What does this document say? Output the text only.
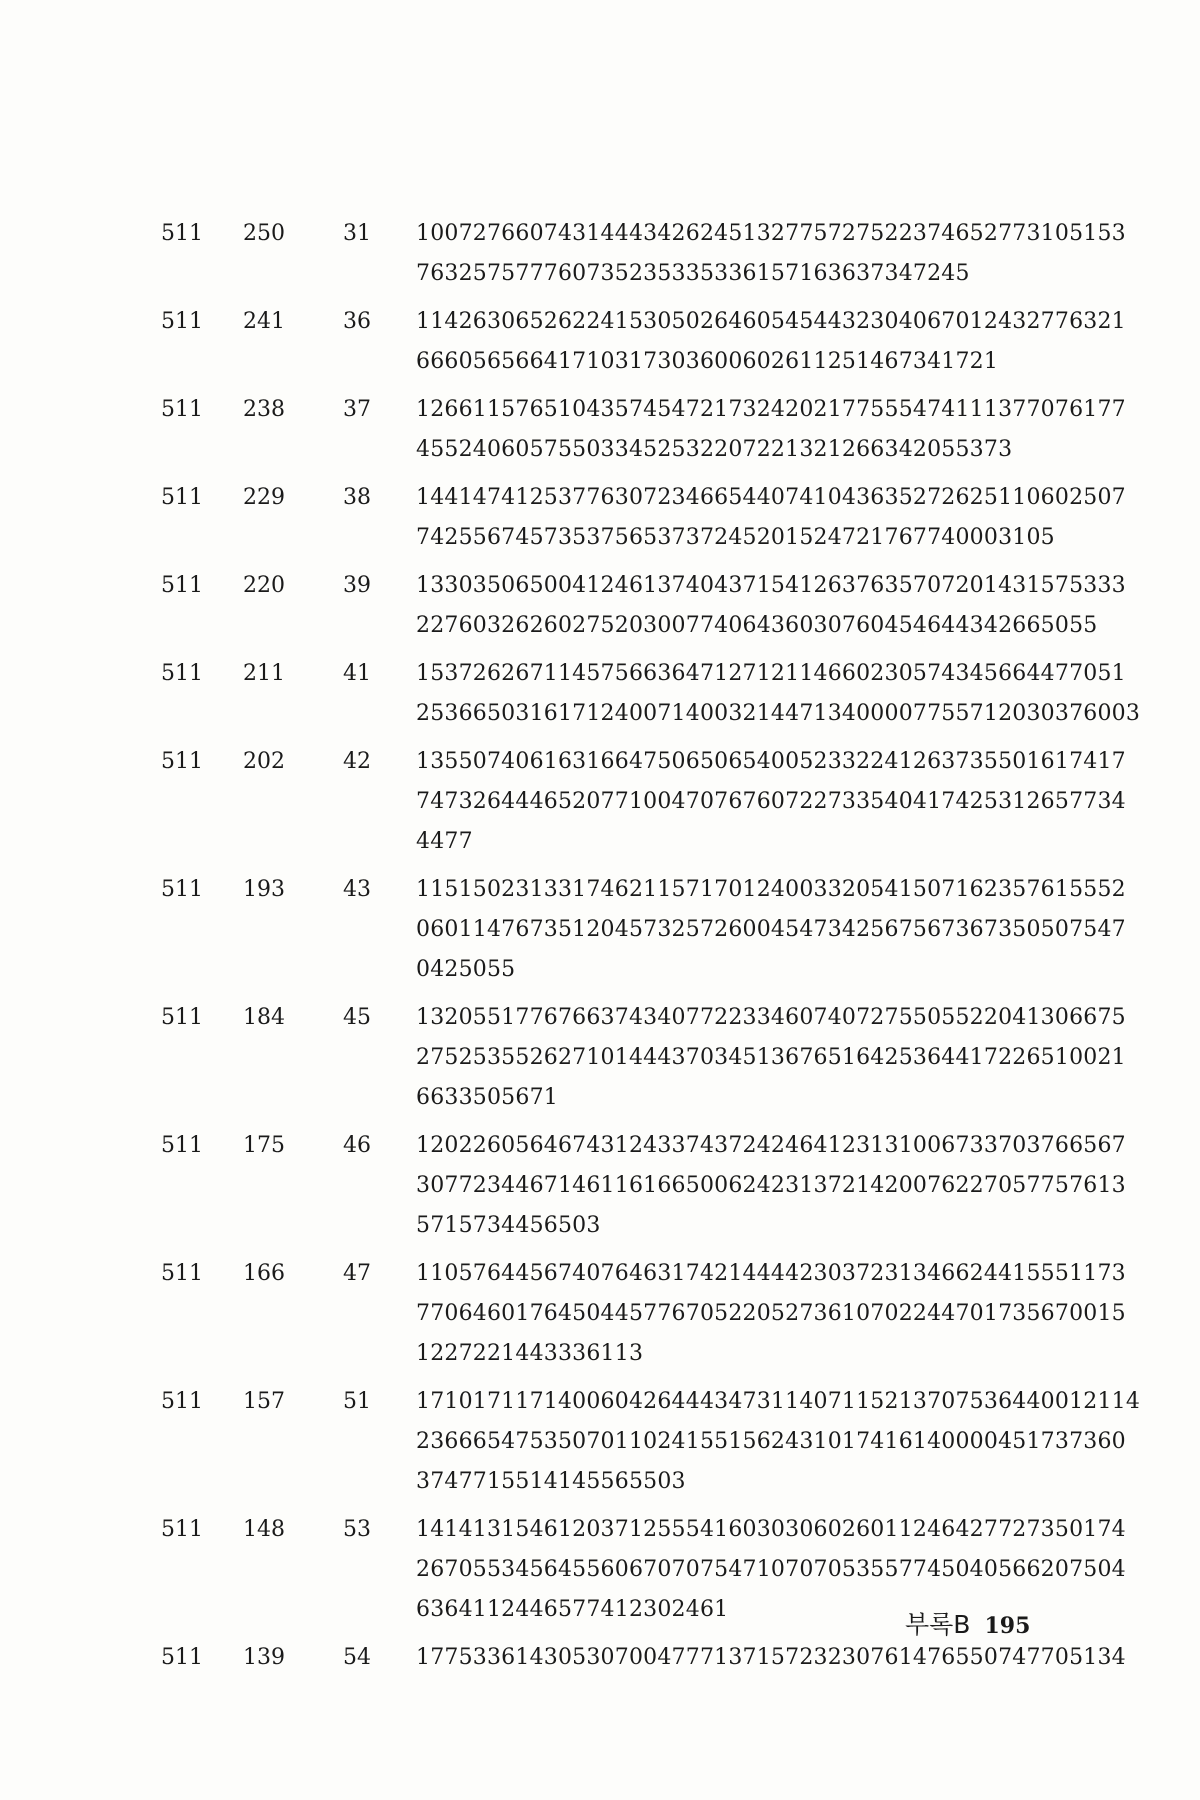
511 250	31 10072766074314443426245132775727522374652773105153
763257577760735235335336157163637347245
511 241	36 11426306526224153050264605454432304067012432776321
66605656641710317303600602611251467341721
511 238	37 12661157651043574547217324202177555474111377076177
455240605755033452532207221321266342055373
511 229	38 14414741253776307234665440741043635272625110602507
742556745735375653737245201524721767740003105
511 220	39 13303506500412461374043715412637635707201431575333
227603262602752030077406436030760454644342665055
511 211	41 15372626711457566364712712114660230574345664477051
253665031617124007140032144713400007755712030376003
511 202	42 13550740616316647506506540052332241263735501617417
74732644465207710047076760722733540417425312657734
4477
511 193	43 11515023133174621157170124003320541507162357615552
06011476735120457325726004547342567567367350507547
0425055
511 184	45 13205517767663743407722334607407275505522041306675
27525355262710144437034513676516425364417226510021
6633505671
511 175	46 12022605646743124337437242464123131006733703766567
30772344671461161665006242313721420076227057757613
5715734456503
511 166	47 11057644567407646317421444423037231346624415551173
77064601764504457767052205273610702244701735670015
1227221443336113
511 157	51 171017117140060426444347311407115213707536440012114
23666547535070110241551562431017416140000451737360
3747715514145565503
511 148	53 14141315461203712555416030306026011246427727350174
26705534564556067070754710707053557745040566207504
6364112446577412302461
511 139	54 17753361430530700477713715723230761476550747705134
부록B 195
